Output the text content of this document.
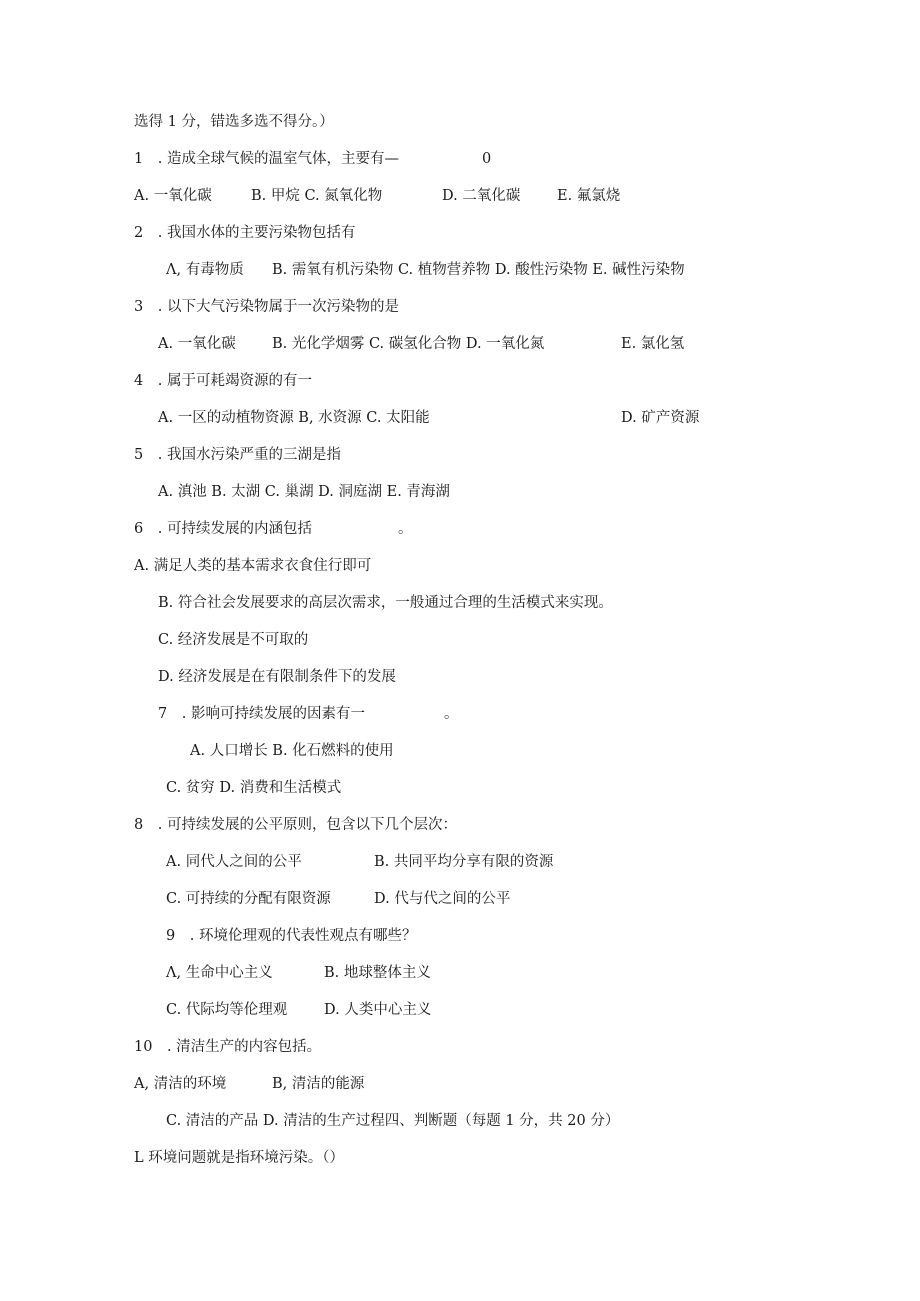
选得 1 分，错选多选不得分。）
1　. 造成全球气候的温室气体，主要有—	0
A. 一氧化碳	B. 甲烷 C. 氮氧化物	D. 二氧化碳	E. 氟氯烧
2　. 我国水体的主要污染物包括有
Λ, 有毒物质 B. 需氧有机污染物 C. 植物营养物 D. 酸性污染物 E. 碱性污染物
3　. 以下大气污染物属于一次污染物的是
A. 一氧化碳	B. 光化学烟雾 C. 碳氢化合物 D. 一氧化氮	E. 氯化氢
4　. 属于可耗竭资源的有一
A. 一区的动植物资源 B, 水资源 C. 太阳能	D. 矿产资源
5　. 我国水污染严重的三湖是指
A. 滇池 B. 太湖 C. 巢湖 D. 洞庭湖 E. 青海湖
6　. 可持续发展的内涵包括	。
A. 满足人类的基本需求衣食住行即可
B. 符合社会发展要求的高层次需求，一般通过合理的生活模式来实现。
C. 经济发展是不可取的
D. 经济发展是在有限制条件下的发展
7　. 影响可持续发展的因素有一	。
A. 人口增长 B. 化石燃料的使用
C. 贫穷 D. 消费和生活模式
8　. 可持续发展的公平原则，包含以下几个层次：
A. 同代人之间的公平	B. 共同平均分享有限的资源
C. 可持续的分配有限资源	D. 代与代之间的公平
9　. 环境伦理观的代表性观点有哪些？
Λ, 生命中心主义	B. 地球整体主义
C. 代际均等伦理观	D. 人类中心主义
10　. 清洁生产的内容包括。
A, 清洁的环境	B, 清洁的能源
C. 清洁的产品 D. 清洁的生产过程四、判断题（每题 1 分，共 20 分）
L 环境问题就是指环境污染。（）
